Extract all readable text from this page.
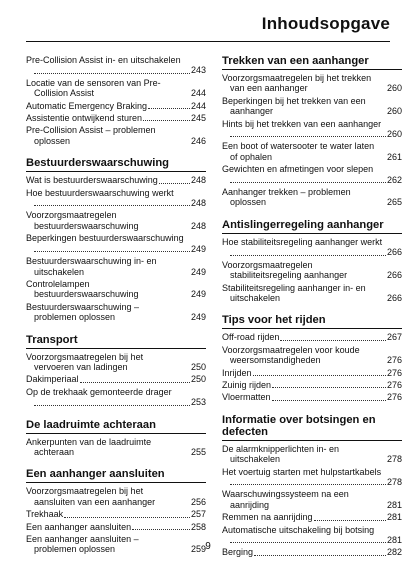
Inhoudsopgave
Pre-Collision Assist in- en uitschakelen
243
Locatie van de sensoren van Pre-Collision Assist	244
Automatic Emergency Braking	244
Assistentie ontwijkend sturen	245
Pre-Collision Assist – problemen oplossen	246
Bestuurderswaarschuwing
Wat is bestuurderswaarschuwing	248
Hoe bestuurderswaarschuwing werkt
248
Voorzorgsmaatregelen bestuurderswaarschuwing	248
Beperkingen bestuurderswaarschuwing
249
Bestuurderswaarschuwing in- en uitschakelen	249
Controlelampen bestuurderswaarschuwing	249
Bestuurderswaarschuwing – problemen oplossen	249
Transport
Voorzorgsmaatregelen bij het vervoeren van ladingen	250
Dakimperiaal	250
Op de trekhaak gemonteerde drager
253
De laadruimte achteraan
Ankerpunten van de laadruimte achteraan	255
Een aanhanger aansluiten
Voorzorgsmaatregelen bij het aansluiten van een aanhanger	256
Trekhaak	257
Een aanhanger aansluiten	258
Een aanhanger aansluiten – problemen oplossen	259
Trekken van een aanhanger
Voorzorgsmaatregelen bij het trekken van een aanhanger	260
Beperkingen bij het trekken van een aanhanger	260
Hints bij het trekken van een aanhanger
260
Een boot of watersooter te water laten of ophalen	261
Gewichten en afmetingen voor slepen
262
Aanhanger trekken – problemen oplossen	265
Antislingerregeling aanhanger
Hoe stabiliteitsregeling aanhanger werkt
266
Voorzorgsmaatregelen stabiliteitsregeling aanhanger	266
Stabiliteitsregeling aanhanger in- en uitschakelen	266
Tips voor het rijden
Off-road rijden	267
Voorzorgsmaatregelen voor koude weersomstandigheden	276
Inrijden	276
Zuinig rijden	276
Vloermatten	276
Informatie over botsingen en defecten
De alarmknipperlichten in- en uitschakelen	278
Het voertuig starten met hulpstartkabels
278
Waarschuwingssysteem na een aanrijding	281
Remmen na aanrijding	281
Automatische uitschakeling bij botsing
281
Berging	282
9
